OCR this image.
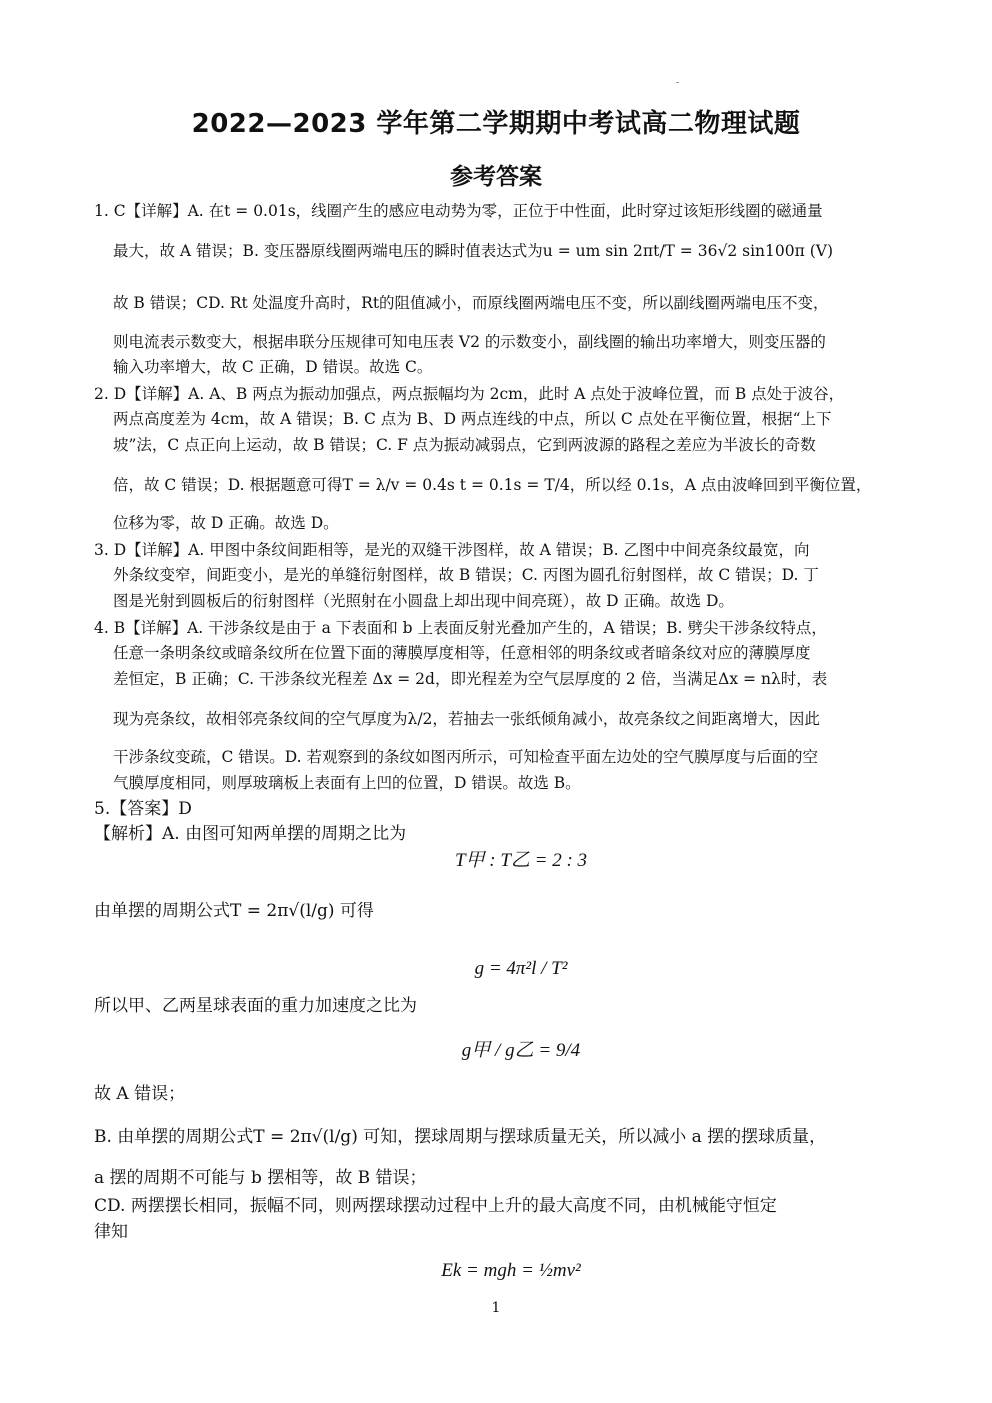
2022—2023 学年第二学期期中考试高二物理试题
参考答案
1. C【详解】A. 在t = 0.01s，线圈产生的感应电动势为零，正位于中性面，此时穿过该矩形线圈的磁通量
最大，故 A 错误；B. 变压器原线圈两端电压的瞬时值表达式为u = um sin 2πt/T = 36√2 sin100π (V)
故 B 错误；CD. Rt 处温度升高时，Rt的阻值减小，而原线圈两端电压不变，所以副线圈两端电压不变，
则电流表示数变大，根据串联分压规律可知电压表 V2 的示数变小，副线圈的输出功率增大，则变压器的
输入功率增大，故 C 正确，D 错误。故选 C。
2. D【详解】A. A、B 两点为振动加强点，两点振幅均为 2cm，此时 A 点处于波峰位置，而 B 点处于波谷，
两点高度差为 4cm，故 A 错误；B. C 点为 B、D 两点连线的中点，所以 C 点处在平衡位置，根据“上下
坡”法，C 点正向上运动，故 B 错误；C. F 点为振动减弱点，它到两波源的路程之差应为半波长的奇数
倍，故 C 错误；D. 根据题意可得T = λ/v = 0.4s t = 0.1s = T/4，所以经 0.1s，A 点由波峰回到平衡位置，
位移为零，故 D 正确。故选 D。
3. D【详解】A. 甲图中条纹间距相等，是光的双缝干涉图样，故 A 错误；B. 乙图中中间亮条纹最宽，向
外条纹变窄，间距变小，是光的单缝衍射图样，故 B 错误；C. 丙图为圆孔衍射图样，故 C 错误；D. 丁
图是光射到圆板后的衍射图样（光照射在小圆盘上却出现中间亮斑），故 D 正确。故选 D。
4. B【详解】A. 干涉条纹是由于 a 下表面和 b 上表面反射光叠加产生的，A 错误；B. 劈尖干涉条纹特点，
任意一条明条纹或暗条纹所在位置下面的薄膜厚度相等，任意相邻的明条纹或者暗条纹对应的薄膜厚度
差恒定，B 正确；C. 干涉条纹光程差 Δx = 2d，即光程差为空气层厚度的 2 倍，当满足Δx = nλ时，表
现为亮条纹，故相邻亮条纹间的空气厚度为λ/2，若抽去一张纸倾角减小，故亮条纹之间距离增大，因此
干涉条纹变疏，C 错误。D. 若观察到的条纹如图丙所示，可知检查平面左边处的空气膜厚度与后面的空
气膜厚度相同，则厚玻璃板上表面有上凹的位置，D 错误。故选 B。
5.【答案】D
【解析】A. 由图可知两单摆的周期之比为
T甲 : T乙 = 2 : 3
由单摆的周期公式T = 2π√(l/g) 可得
g = 4π²l / T²
所以甲、乙两星球表面的重力加速度之比为
g甲 / g乙 = 9/4
故 A 错误；
B. 由单摆的周期公式T = 2π√(l/g) 可知，摆球周期与摆球质量无关，所以减小 a 摆的摆球质量，
a 摆的周期不可能与 b 摆相等，故 B 错误；
CD. 两摆摆长相同，振幅不同，则两摆球摆动过程中上升的最大高度不同，由机械能守恒定
律知
Ek = mgh = ½mv²
1
